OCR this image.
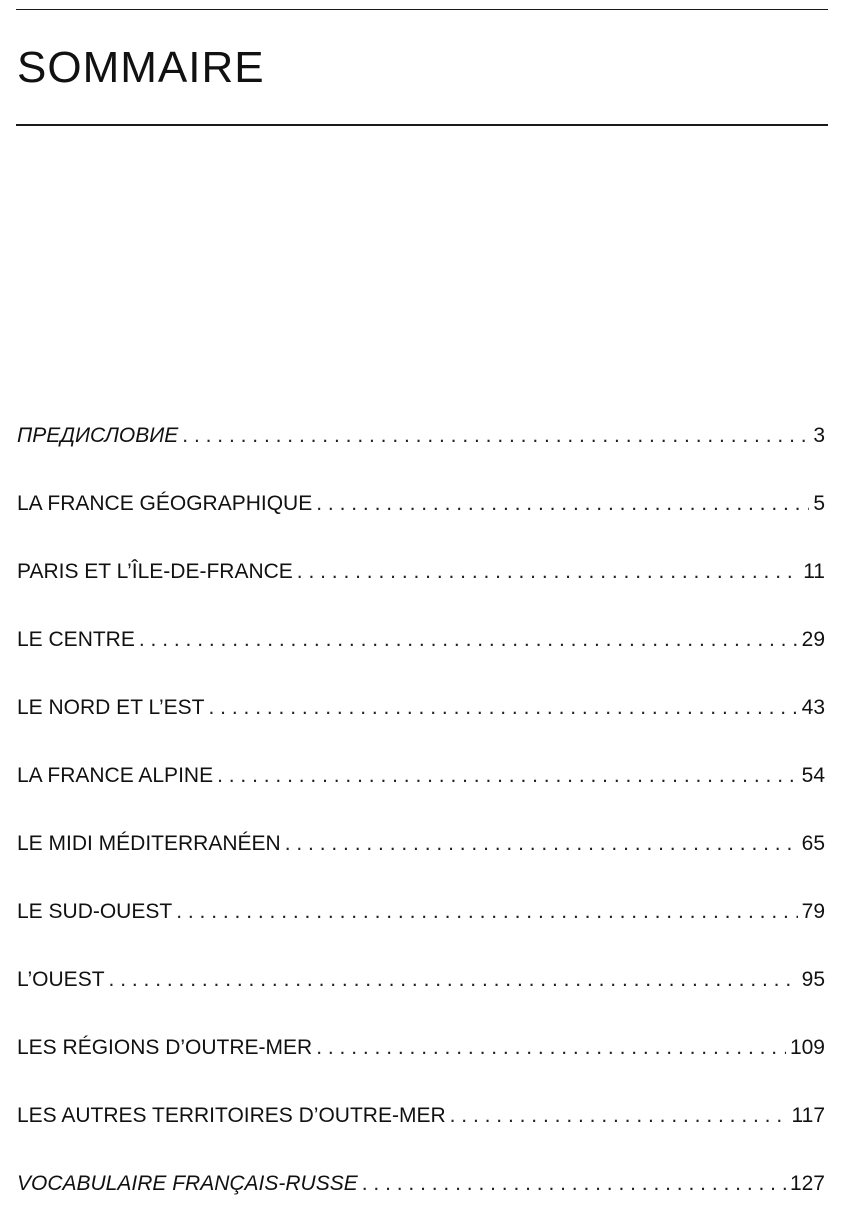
SOMMAIRE
ПРЕДИСЛОВИЕ . . .	3
LA FRANCE GÉOGRAPHIQUE . . .	5
PARIS ET L’ÎLE-DE-FRANCE . . .	11
LE CENTRE . . .	29
LE NORD ET L’EST . . .	43
LA FRANCE ALPINE . . .	54
LE MIDI MÉDITERRANÉEN . . .	65
LE SUD-OUEST . . .	79
L’OUEST . . .	95
LES RÉGIONS D’OUTRE-MER . . .	109
LES AUTRES TERRITOIRES D’OUTRE-MER . . .	117
VOCABULAIRE FRANÇAIS-RUSSE . . .	127
